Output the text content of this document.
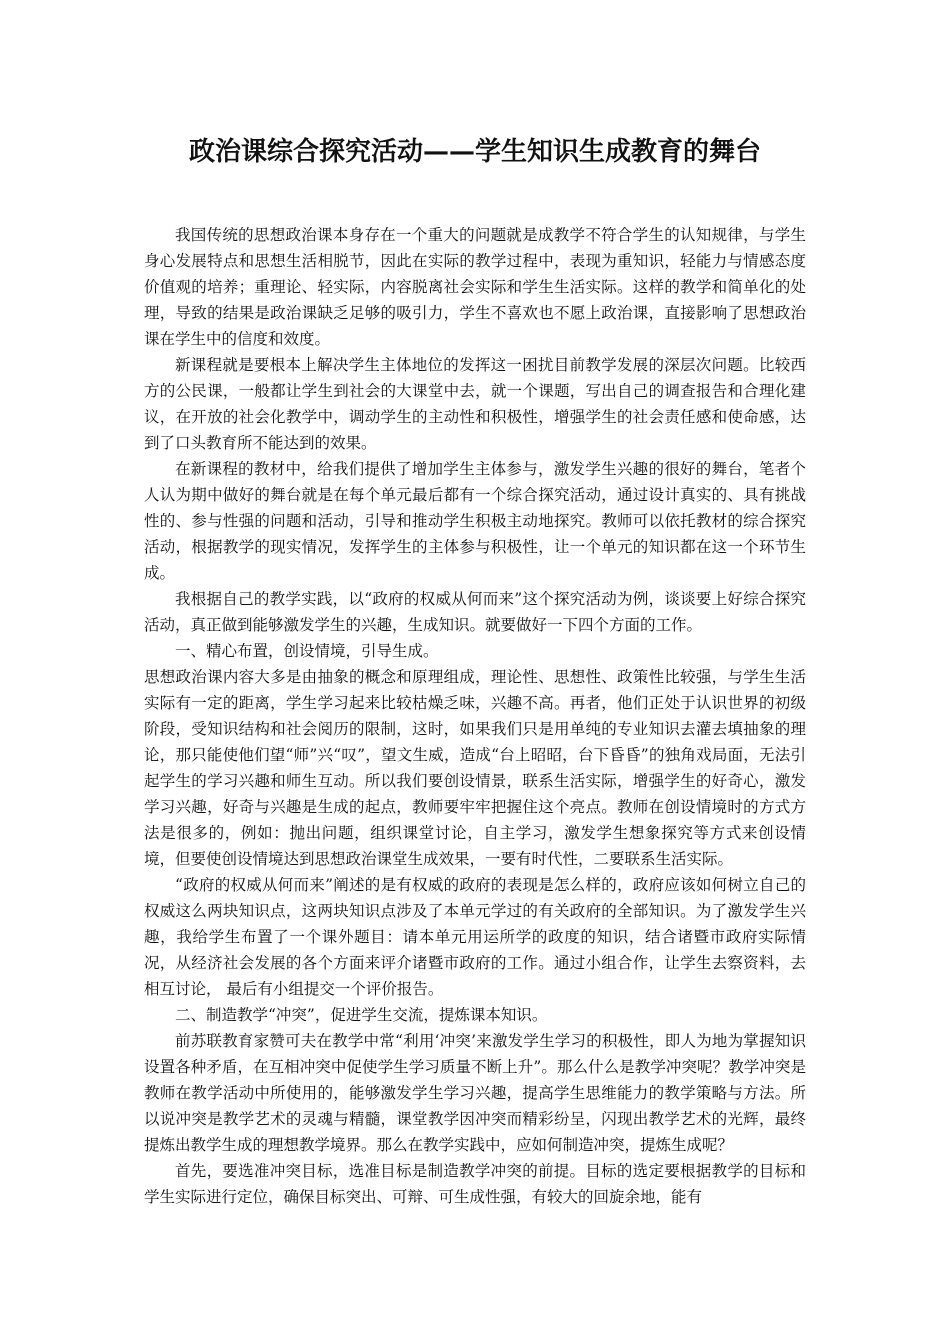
政治课综合探究活动——学生知识生成教育的舞台

我国传统的思想政治课本身存在一个重大的问题就是成教学不符合学生的认知规律，与学生身心发展特点和思想生活相脱节，因此在实际的教学过程中，表现为重知识，轻能力与情感态度价值观的培养；重理论、轻实际，内容脱离社会实际和学生生活实际。这样的教学和简单化的处理，导致的结果是政治课缺乏足够的吸引力，学生不喜欢也不愿上政治课，直接影响了思想政治课在学生中的信度和效度。

新课程就是要根本上解决学生主体地位的发挥这一困扰目前教学发展的深层次问题。比较西方的公民课，一般都让学生到社会的大课堂中去，就一个课题，写出自己的调查报告和合理化建议，在开放的社会化教学中，调动学生的主动性和积极性，增强学生的社会责任感和使命感，达到了口头教育所不能达到的效果。

在新课程的教材中，给我们提供了增加学生主体参与，激发学生兴趣的很好的舞台，笔者个人认为期中做好的舞台就是在每个单元最后都有一个综合探究活动，通过设计真实的、具有挑战性的、参与性强的问题和活动，引导和推动学生积极主动地探究。教师可以依托教材的综合探究活动，根据教学的现实情况，发挥学生的主体参与积极性，让一个单元的知识都在这一个环节生成。

我根据自己的教学实践，以“政府的权威从何而来”这个探究活动为例，谈谈要上好综合探究活动，真正做到能够激发学生的兴趣，生成知识。就要做好一下四个方面的工作。

一、精心布置，创设情境，引导生成。

思想政治课内容大多是由抽象的概念和原理组成，理论性、思想性、政策性比较强，与学生生活实际有一定的距离，学生学习起来比较枯燥乏味，兴趣不高。再者，他们正处于认识世界的初级阶段，受知识结构和社会阅历的限制，这时，如果我们只是用单纯的专业知识去灌去填抽象的理论，那只能使他们望“师”兴“叹”，望文生威，造成“台上昭昭，台下昏昏”的独角戏局面，无法引起学生的学习兴趣和师生互动。所以我们要创设情景，联系生活实际，增强学生的好奇心，激发学习兴趣，好奇与兴趣是生成的起点，教师要牢牢把握住这个亮点。教师在创设情境时的方式方法是很多的，例如：抛出问题，组织课堂讨论，自主学习，激发学生想象探究等方式来创设情境，但要使创设情境达到思想政治课堂生成效果，一要有时代性，二要联系生活实际。

“政府的权威从何而来”阐述的是有权威的政府的表现是怎么样的，政府应该如何树立自己的权威这么两块知识点，这两块知识点涉及了本单元学过的有关政府的全部知识。为了激发学生兴趣，我给学生布置了一个课外题目：请本单元用运所学的政度的知识，结合诸暨市政府实际情况，从经济社会发展的各个方面来评介诸暨市政府的工作。通过小组合作，让学生去察资料，去相互讨论， 最后有小组提交一个评价报告。

二、制造教学“冲突”，促进学生交流，提炼课本知识。

前苏联教育家赞可夫在教学中常“利用‘冲突’来激发学生学习的积极性，即人为地为掌握知识设置各种矛盾，在互相冲突中促使学生学习质量不断上升”。那么什么是教学冲突呢？教学冲突是教师在教学活动中所使用的，能够激发学生学习兴趣，提高学生思维能力的教学策略与方法。所以说冲突是教学艺术的灵魂与精髓，课堂教学因冲突而精彩纷呈，闪现出教学艺术的光辉，最终提炼出教学生成的理想教学境界。那么在教学实践中，应如何制造冲突，提炼生成呢？

首先，要选准冲突目标，选准目标是制造教学冲突的前提。目标的选定要根据教学的目标和学生实际进行定位，确保目标突出、可辩、可生成性强，有较大的回旋余地，能有
